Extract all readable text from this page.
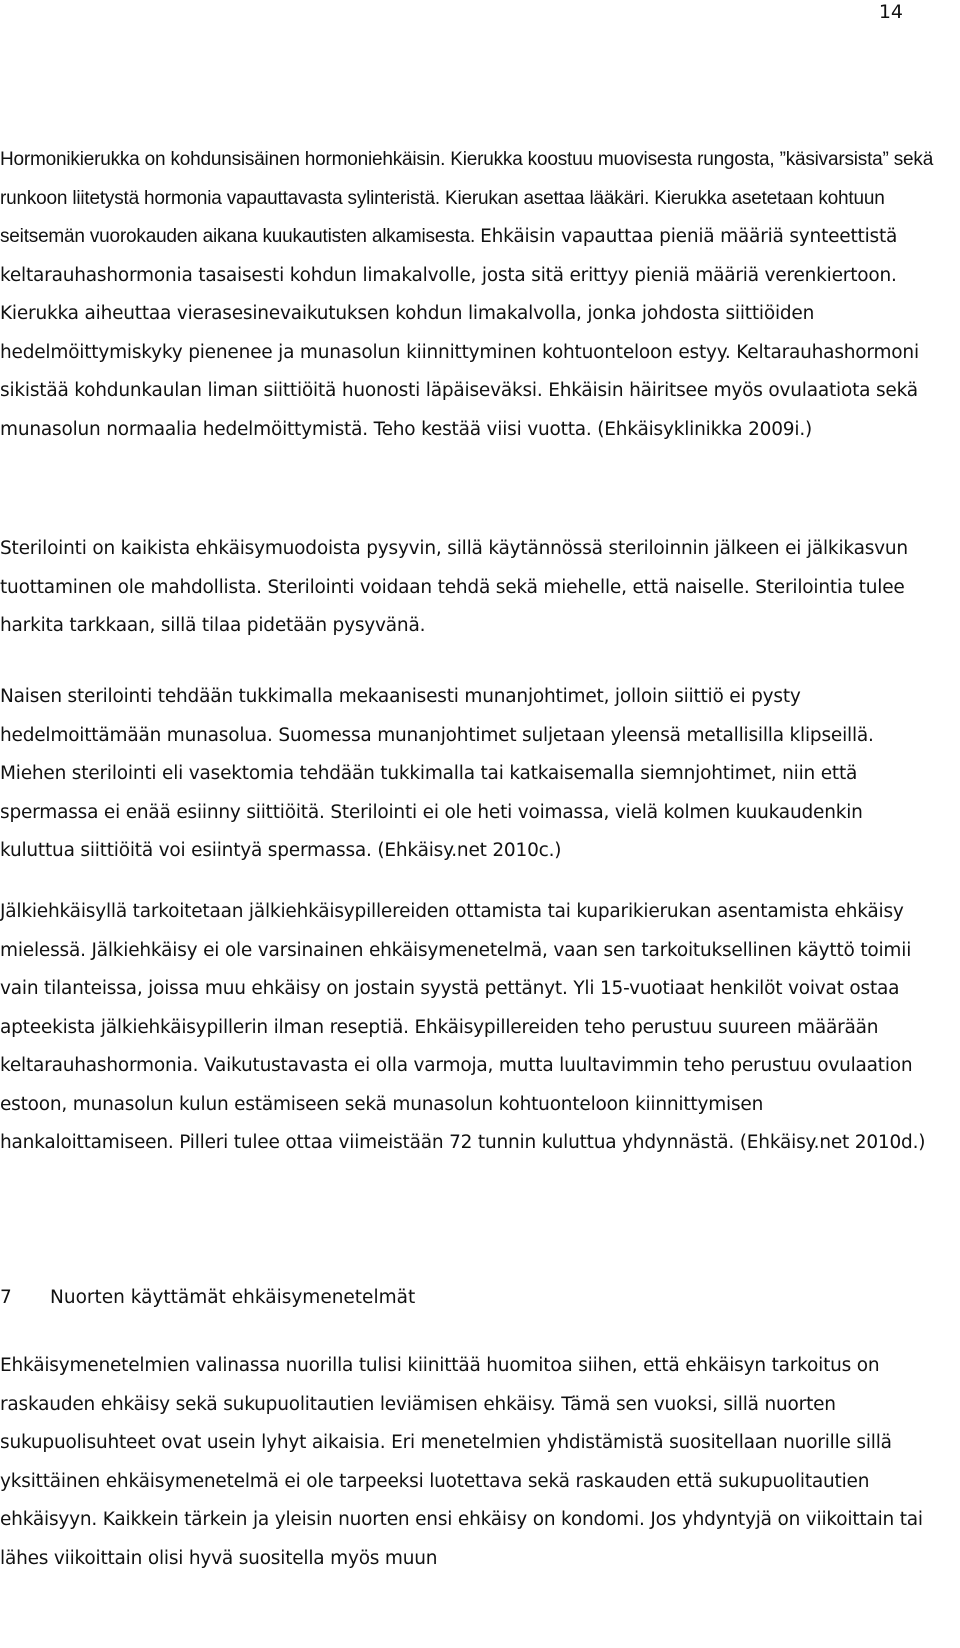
14

Hormonikierukka on kohdunsisäinen hormoniehkäisin. Kierukka koostuu muovisesta rungosta, ”käsivarsista” sekä runkoon liitetystä hormonia vapauttavasta sylinteristä. Kierukan asettaa lääkäri. Kierukka asetetaan kohtuun seitsemän vuorokauden aikana kuukautisten alkamisesta. Ehkäisin vapauttaa pieniä määriä synteettistä keltarauhashormonia tasaisesti kohdun limakalvolle, josta sitä erittyy pieniä määriä verenkiertoon. Kierukka aiheuttaa vierasesinevaikutuksen kohdun limakalvolla, jonka johdosta siittiöiden hedelmöittymiskyky pienenee ja munasolun kiinnittyminen kohtuonteloon estyy. Keltarauhashormoni sikistää kohdunkaulan liman siittiöitä huonosti läpäiseväksi. Ehkäisin häiritsee myös ovulaatiota sekä munasolun normaalia hedelmöittymistä. Teho kestää viisi vuotta. (Ehkäisyklinikka 2009i.)

Sterilointi on kaikista ehkäisymuodoista pysyvin, sillä käytännössä steriloinnin jälkeen ei jälkikasvun tuottaminen ole mahdollista. Sterilointi voidaan tehdä sekä miehelle, että naiselle. Sterilointia tulee harkita tarkkaan, sillä tilaa pidetään pysyvänä.

Naisen sterilointi tehdään tukkimalla mekaanisesti munanjohtimet, jolloin siittiö ei pysty hedelmoittämään munasolua. Suomessa munanjohtimet suljetaan yleensä metallisilla klipseillä. Miehen sterilointi eli vasektomia tehdään tukkimalla tai katkaisemalla siemnjohtimet, niin että spermassa ei enää esiinny siittiöitä. Sterilointi ei ole heti voimassa, vielä kolmen kuukaudenkin kuluttua siittiöitä voi esiintyä spermassa. (Ehkäisy.net 2010c.)

Jälkiehkäisyllä tarkoitetaan jälkiehkäisypillereiden ottamista tai kuparikierukan asentamista ehkäisy mielessä. Jälkiehkäisy ei ole varsinainen ehkäisymenetelmä, vaan sen tarkoituksellinen käyttö toimii vain tilanteissa, joissa muu ehkäisy on jostain syystä pettänyt. Yli 15-vuotiaat henkilöt voivat ostaa apteekista jälkiehkäisypillerin ilman reseptiä. Ehkäisypillereiden teho perustuu suureen määrään keltarauhashormonia. Vaikutustavasta ei olla varmoja, mutta luultavimmin teho perustuu ovulaation estoon, munasolun kulun estämiseen sekä munasolun kohtuonteloon kiinnittymisen hankaloittamiseen. Pilleri tulee ottaa viimeistään 72 tunnin kuluttua yhdynnästä. (Ehkäisy.net 2010d.)

7 Nuorten käyttämät ehkäisymenetelmät

Ehkäisymenetelmien valinassa nuorilla tulisi kiinittää huomitoa siihen, että ehkäisyn tarkoitus on raskauden ehkäisy sekä sukupuolitautien leviämisen ehkäisy. Tämä sen vuoksi, sillä nuorten sukupuolisuhteet ovat usein lyhyt aikaisia. Eri menetelmien yhdistämistä suositellaan nuorille sillä yksittäinen ehkäisymenetelmä ei ole tarpeeksi luotettava sekä raskauden että sukupuolitautien ehkäisyyn. Kaikkein tärkein ja yleisin nuorten ensi ehkäisy on kondomi. Jos yhdyntyjä on viikoittain tai lähes viikoittain olisi hyvä suositella myös muun
